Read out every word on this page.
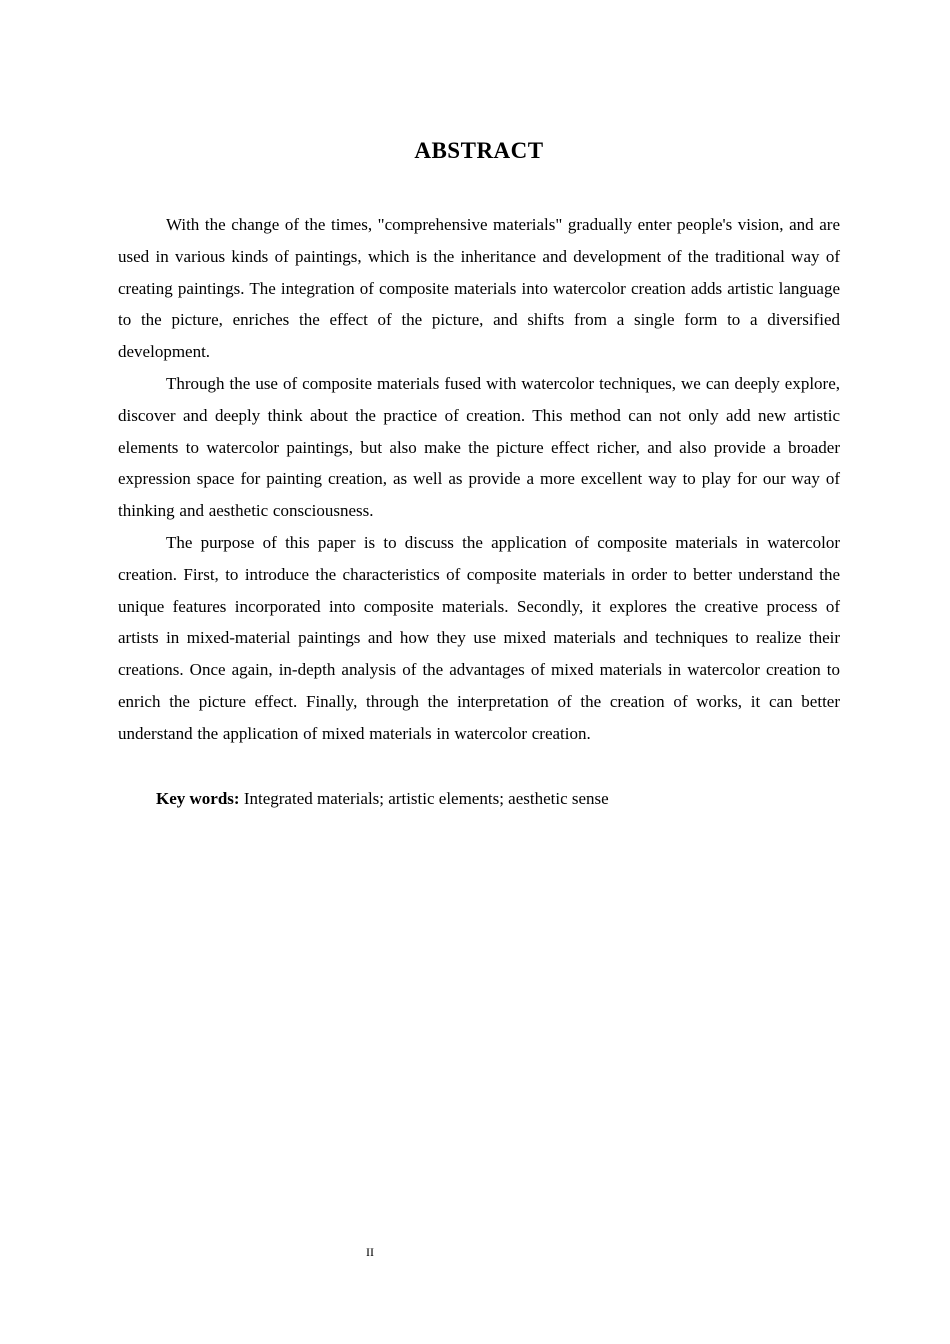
ABSTRACT

With the change of the times, "comprehensive materials" gradually enter people's vision, and are used in various kinds of paintings, which is the inheritance and development of the traditional way of creating paintings. The integration of composite materials into watercolor creation adds artistic language to the picture, enriches the effect of the picture, and shifts from a single form to a diversified development.

Through the use of composite materials fused with watercolor techniques, we can deeply explore, discover and deeply think about the practice of creation. This method can not only add new artistic elements to watercolor paintings, but also make the picture effect richer, and also provide a broader expression space for painting creation, as well as provide a more excellent way to play for our way of thinking and aesthetic consciousness.

The purpose of this paper is to discuss the application of composite materials in watercolor creation. First, to introduce the characteristics of composite materials in order to better understand the unique features incorporated into composite materials. Secondly, it explores the creative process of artists in mixed-material paintings and how they use mixed materials and techniques to realize their creations. Once again, in-depth analysis of the advantages of mixed materials in watercolor creation to enrich the picture effect. Finally, through the interpretation of the creation of works, it can better understand the application of mixed materials in watercolor creation.

Key words: Integrated materials; artistic elements; aesthetic sense
II
